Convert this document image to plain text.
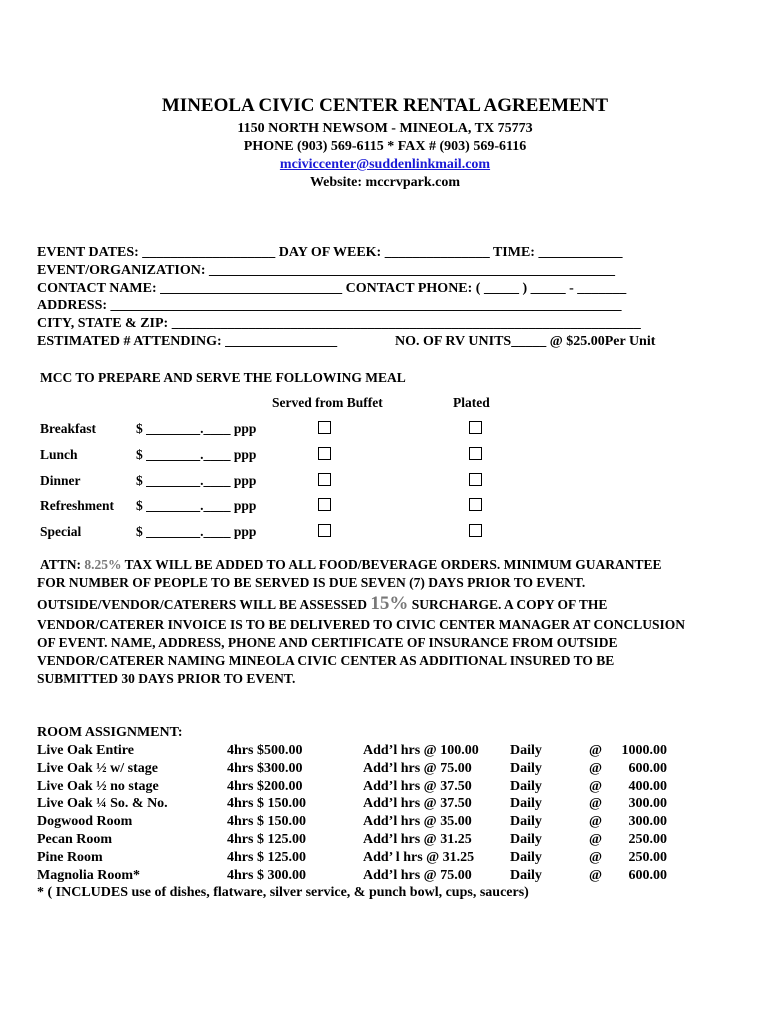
MINEOLA CIVIC CENTER RENTAL AGREEMENT
1150 NORTH NEWSOM - MINEOLA, TX 75773
PHONE (903) 569-6115 * FAX # (903) 569-6116
mciviccenter@suddenlinkmail.com
Website: mccrvpark.com
EVENT DATES: ___________________ DAY OF WEEK: _______________ TIME: ____________
EVENT/ORGANIZATION: __________________________________________________________
CONTACT NAME: __________________________ CONTACT PHONE: ( _____ ) _____ - _______
ADDRESS: _________________________________________________________________________
CITY, STATE & ZIP: ___________________________________________________________________
ESTIMATED # ATTENDING: ________________	NO. OF RV UNITS_____ @ $25.00Per Unit
MCC TO PREPARE AND SERVE THE FOLLOWING MEAL
Served from Buffet	Plated
Breakfast	$ ________.____ ppp
Lunch	$ ________.____ ppp
Dinner	$ ________.____ ppp
Refreshment $ ________.____ ppp
Special	$ ________.____ ppp
ATTN: 8.25% TAX WILL BE ADDED TO ALL FOOD/BEVERAGE ORDERS. MINIMUM GUARANTEE
FOR NUMBER OF PEOPLE TO BE SERVED IS DUE SEVEN (7) DAYS PRIOR TO EVENT.
OUTSIDE/VENDOR/CATERERS WILL BE ASSESSED 15% SURCHARGE. A COPY OF THE
VENDOR/CATERER INVOICE IS TO BE DELIVERED TO CIVIC CENTER MANAGER AT CONCLUSION
OF EVENT. NAME, ADDRESS, PHONE AND CERTIFICATE OF INSURANCE FROM OUTSIDE
VENDOR/CATERER NAMING MINEOLA CIVIC CENTER AS ADDITIONAL INSURED TO BE
SUBMITTED 30 DAYS PRIOR TO EVENT.
ROOM ASSIGNMENT:
Live Oak Entire	4hrs $500.00	Add’l hrs @ 100.00 Daily	@	1000.00
Live Oak ½ w/ stage	4hrs $300.00	Add’l hrs @ 75.00	Daily	@	600.00
Live Oak ½ no stage	4hrs $200.00	Add’l hrs @ 37.50	Daily	@	400.00
Live Oak ¼ So. & No.	4hrs $ 150.00	Add’l hrs @ 37.50	Daily	@	300.00
Dogwood Room	4hrs $ 150.00	Add’l hrs @ 35.00	Daily	@	300.00
Pecan Room	4hrs $ 125.00	Add’l hrs @ 31.25	Daily	@	250.00
Pine Room	4hrs $ 125.00	Add’ l hrs @ 31.25	Daily	@	250.00
Magnolia Room*	4hrs $ 300.00	Add’l hrs @ 75.00	Daily	@	600.00
* ( INCLUDES use of dishes, flatware, silver service, & punch bowl, cups, saucers)
